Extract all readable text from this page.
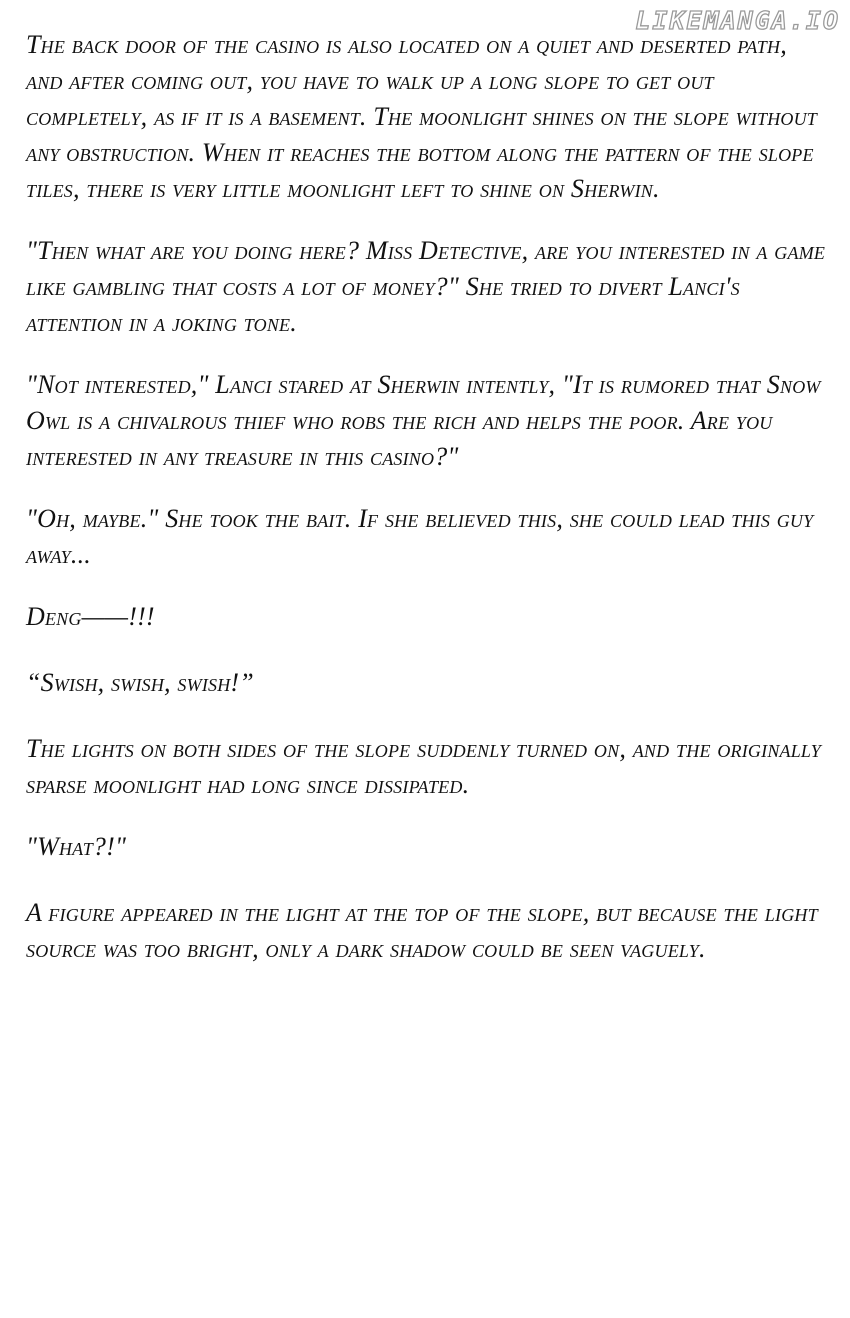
LIKEMANGA.IO

The back door of the casino is also located on a quiet and deserted path, and after coming out, you have to walk up a long slope to get out completely, as if it is a basement. The moonlight shines on the slope without any obstruction. When it reaches the bottom along the pattern of the slope tiles, there is very little moonlight left to shine on Sherwin.

"Then what are you doing here? Miss Detective, are you interested in a game like gambling that costs a lot of money?" She tried to divert Lanci's attention in a joking tone.

"Not interested," Lanci stared at Sherwin intently, "It is rumored that Snow Owl is a chivalrous thief who robs the rich and helps the poor. Are you interested in any treasure in this casino?"

"Oh, maybe." She took the bait. If she believed this, she could lead this guy away...

Deng——!!!

“Swish, swish, swish!”

The lights on both sides of the slope suddenly turned on, and the originally sparse moonlight had long since dissipated.

"What?!"

A figure appeared in the light at the top of the slope, but because the light source was too bright, only a dark shadow could be seen vaguely.
